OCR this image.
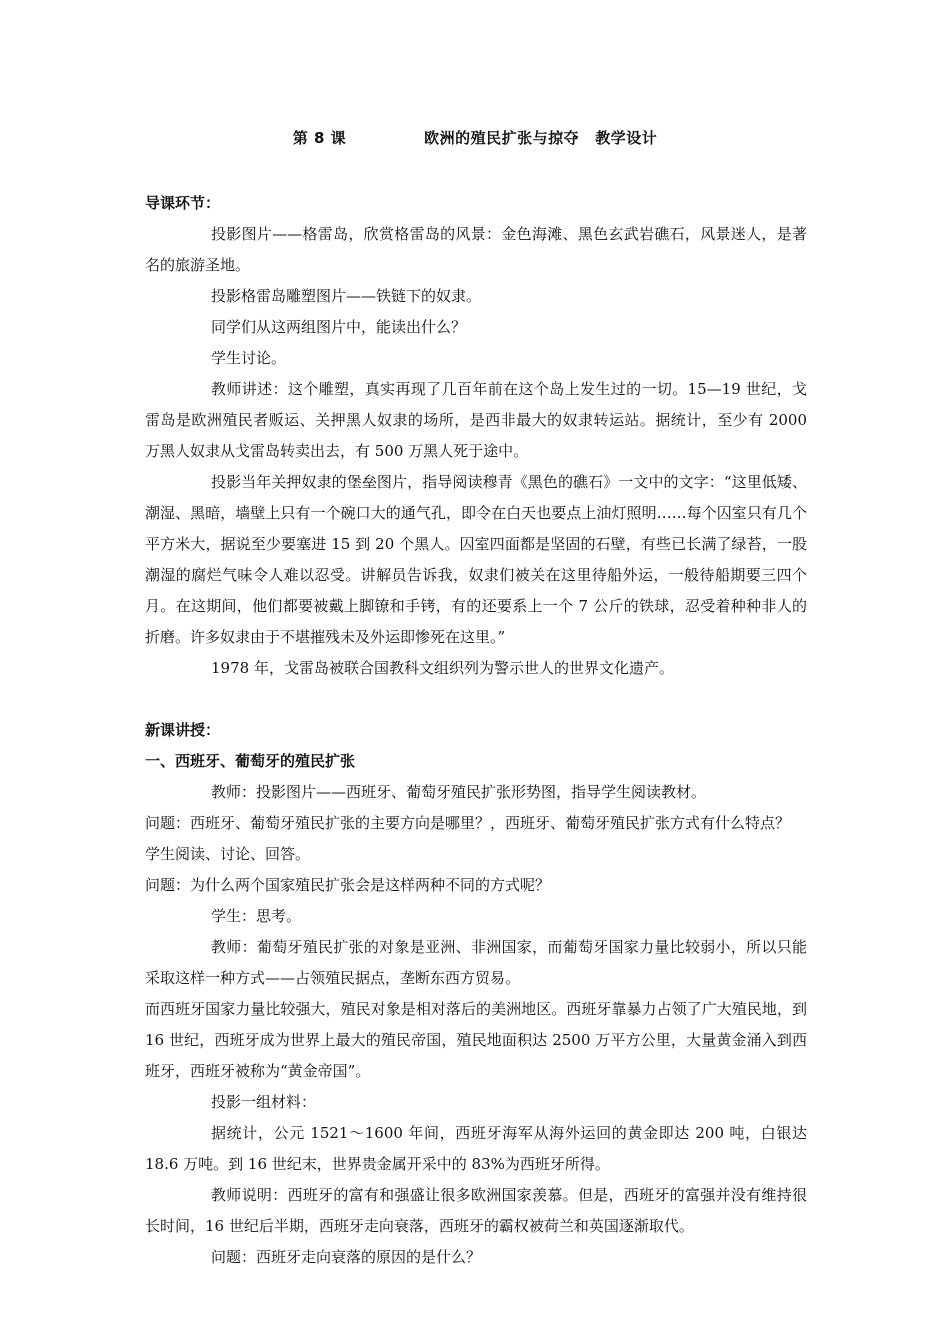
第 8 课	欧洲的殖民扩张与掠夺 教学设计

导课环节：

投影图片——格雷岛，欣赏格雷岛的风景：金色海滩、黑色玄武岩礁石，风景迷人，是著名的旅游圣地。

投影格雷岛雕塑图片——铁链下的奴隶。

同学们从这两组图片中，能读出什么？

学生讨论。

教师讲述：这个雕塑，真实再现了几百年前在这个岛上发生过的一切。15—19 世纪，戈雷岛是欧洲殖民者贩运、关押黑人奴隶的场所，是西非最大的奴隶转运站。据统计，至少有 2000 万黑人奴隶从戈雷岛转卖出去，有 500 万黑人死于途中。

投影当年关押奴隶的堡垒图片，指导阅读穆青《黑色的礁石》一文中的文字：“这里低矮、潮湿、黑暗，墙壁上只有一个碗口大的通气孔，即令在白天也要点上油灯照明……每个囚室只有几个平方米大，据说至少要塞进 15 到 20 个黑人。囚室四面都是坚固的石壁，有些已长满了绿苔，一股潮湿的腐烂气味令人难以忍受。讲解员告诉我，奴隶们被关在这里待船外运，一般待船期要三四个月。在这期间，他们都要被戴上脚镣和手铐，有的还要系上一个 7 公斤的铁球，忍受着种种非人的折磨。许多奴隶由于不堪摧残未及外运即惨死在这里。”

1978 年，戈雷岛被联合国教科文组织列为警示世人的世界文化遗产。

新课讲授：

一、西班牙、葡萄牙的殖民扩张

教师：投影图片——西班牙、葡萄牙殖民扩张形势图，指导学生阅读教材。

问题：西班牙、葡萄牙殖民扩张的主要方向是哪里？，西班牙、葡萄牙殖民扩张方式有什么特点？

学生阅读、讨论、回答。

问题：为什么两个国家殖民扩张会是这样两种不同的方式呢？

学生：思考。

教师：葡萄牙殖民扩张的对象是亚洲、非洲国家，而葡萄牙国家力量比较弱小，所以只能采取这样一种方式——占领殖民据点，垄断东西方贸易。

而西班牙国家力量比较强大，殖民对象是相对落后的美洲地区。西班牙靠暴力占领了广大殖民地，到 16 世纪，西班牙成为世界上最大的殖民帝国，殖民地面积达 2500 万平方公里，大量黄金涌入到西班牙，西班牙被称为“黄金帝国”。

投影一组材料：

据统计，公元 1521～1600 年间，西班牙海军从海外运回的黄金即达 200 吨，白银达 18.6 万吨。到 16 世纪末，世界贵金属开采中的 83%为西班牙所得。

教师说明：西班牙的富有和强盛让很多欧洲国家羡慕。但是，西班牙的富强并没有维持很长时间，16 世纪后半期，西班牙走向衰落，西班牙的霸权被荷兰和英国逐渐取代。

问题：西班牙走向衰落的原因的是什么？
